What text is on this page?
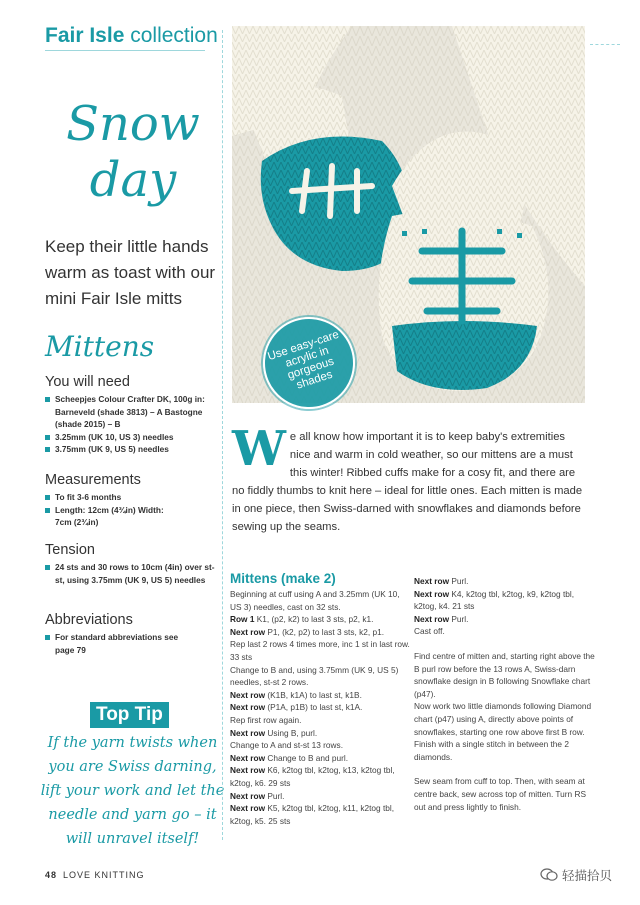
Fair Isle collection
Snow day
Keep their little hands warm as toast with our mini Fair Isle mitts
Mittens
You will need
Scheepjes Colour Crafter DK, 100g in: Barneveld (shade 3813) – A Bastogne (shade 2015) – B
3.25mm (UK 10, US 3) needles
3.75mm (UK 9, US 5) needles
Measurements
To fit 3-6 months
Length: 12cm (4¾in) Width: 7cm (2¾in)
Tension
24 sts and 30 rows to 10cm (4in) over st-st, using 3.75mm (UK 9, US 5) needles
Abbreviations
For standard abbreviations see page 79
Top Tip
If the yarn twists when you are Swiss darning, lift your work and let the needle and yarn go – it will unravel itself!
Use easy-care acrylic in gorgeous shades
We all know how important it is to keep baby's extremities nice and warm in cold weather, so our mittens are a must this winter! Ribbed cuffs make for a cosy fit, and there are no fiddly thumbs to knit here – ideal for little ones. Each mitten is made in one piece, then Swiss-darned with snowflakes and diamonds before sewing up the seams.
Mittens (make 2)

Beginning at cuff using A and 3.25mm (UK 10, US 3) needles, cast on 32 sts.

Row 1 K1, (p2, k2) to last 3 sts, p2, k1.

Next row P1, (k2, p2) to last 3 sts, k2, p1.

Rep last 2 rows 4 times more, inc 1 st in last row. 33 sts

Change to B and, using 3.75mm (UK 9, US 5) needles, st-st 2 rows.

Next row (K1B, k1A) to last st, k1B.

Next row (P1A, p1B) to last st, k1A.

Rep first row again.

Next row Using B, purl.

Change to A and st-st 13 rows.

Next row Change to B and purl.

Next row K6, k2tog tbl, k2tog, k13, k2tog tbl, k2tog, k6. 29 sts

Next row Purl.

Next row K5, k2tog tbl, k2tog, k11, k2tog tbl, k2tog, k5. 25 sts

Next row Purl.

Next row K4, k2tog tbl, k2tog, k9, k2tog tbl, k2tog, k4. 21 sts

Next row Purl.

Cast off.

Find centre of mitten and, starting right above the B purl row before the 13 rows A, Swiss-darn snowflake design in B following Snowflake chart (p47).

Now work two little diamonds following Diamond chart (p47) using A, directly above points of snowflakes, starting one row above first B row. Finish with a single stitch in between the 2 diamonds.

Sew seam from cuff to top. Then, with seam at centre back, sew across top of mitten. Turn RS out and press lightly to finish.

48 LOVE KNITTING	轻描拾贝
